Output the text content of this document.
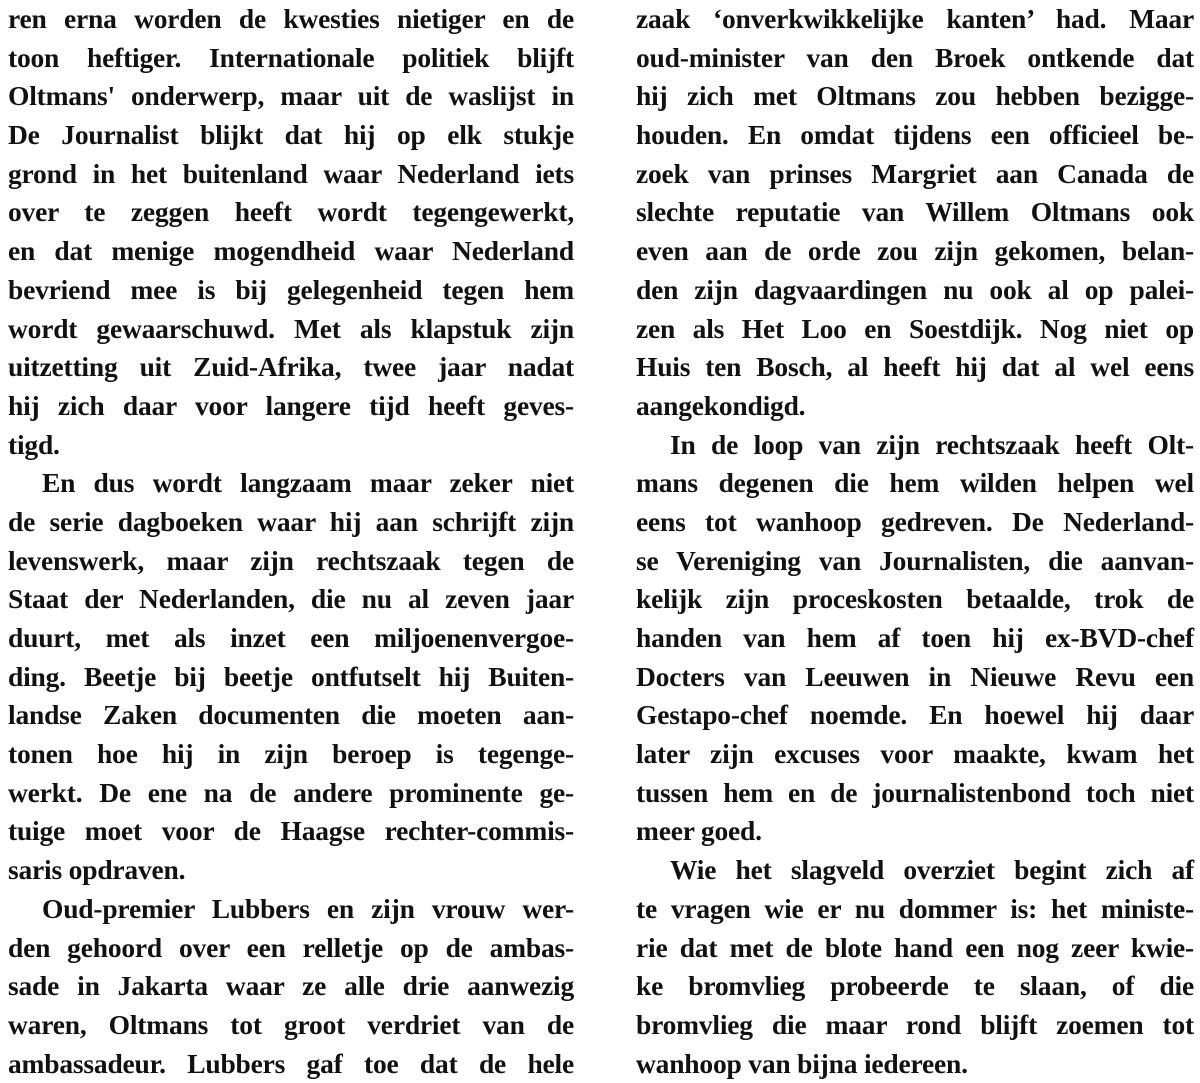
ren erna worden de kwesties nietiger en de
toon heftiger. Internationale politiek blijft
Oltmans' onderwerp, maar uit de waslijst in
De Journalist blijkt dat hij op elk stukje
grond in het buitenland waar Nederland iets
over te zeggen heeft wordt tegengewerkt,
en dat menige mogendheid waar Nederland
bevriend mee is bij gelegenheid tegen hem
wordt gewaarschuwd. Met als klapstuk zijn
uitzetting uit Zuid-Afrika, twee jaar nadat
hij zich daar voor langere tijd heeft geves-
tigd.
En dus wordt langzaam maar zeker niet
de serie dagboeken waar hij aan schrijft zijn
levenswerk, maar zijn rechtszaak tegen de
Staat der Nederlanden, die nu al zeven jaar
duurt, met als inzet een miljoenenvergoe-
ding. Beetje bij beetje ontfutselt hij Buiten-
landse Zaken documenten die moeten aan-
tonen hoe hij in zijn beroep is tegenge-
werkt. De ene na de andere prominente ge-
tuige moet voor de Haagse rechter-commis-
saris opdraven.
Oud-premier Lubbers en zijn vrouw wer-
den gehoord over een relletje op de ambas-
sade in Jakarta waar ze alle drie aanwezig
waren, Oltmans tot groot verdriet van de
ambassadeur. Lubbers gaf toe dat de hele
zaak ‘onverkwikkelijke kanten’ had. Maar
oud-minister van den Broek ontkende dat
hij zich met Oltmans zou hebben bezigge-
houden. En omdat tijdens een officieel be-
zoek van prinses Margriet aan Canada de
slechte reputatie van Willem Oltmans ook
even aan de orde zou zijn gekomen, belan-
den zijn dagvaardingen nu ook al op palei-
zen als Het Loo en Soestdijk. Nog niet op
Huis ten Bosch, al heeft hij dat al wel eens
aangekondigd.
In de loop van zijn rechtszaak heeft Olt-
mans degenen die hem wilden helpen wel
eens tot wanhoop gedreven. De Nederland-
se Vereniging van Journalisten, die aanvan-
kelijk zijn proceskosten betaalde, trok de
handen van hem af toen hij ex-BVD-chef
Docters van Leeuwen in Nieuwe Revu een
Gestapo-chef noemde. En hoewel hij daar
later zijn excuses voor maakte, kwam het
tussen hem en de journalistenbond toch niet
meer goed.
Wie het slagveld overziet begint zich af
te vragen wie er nu dommer is: het ministe-
rie dat met de blote hand een nog zeer kwie-
ke bromvlieg probeerde te slaan, of die
bromvlieg die maar rond blijft zoemen tot
wanhoop van bijna iedereen.
